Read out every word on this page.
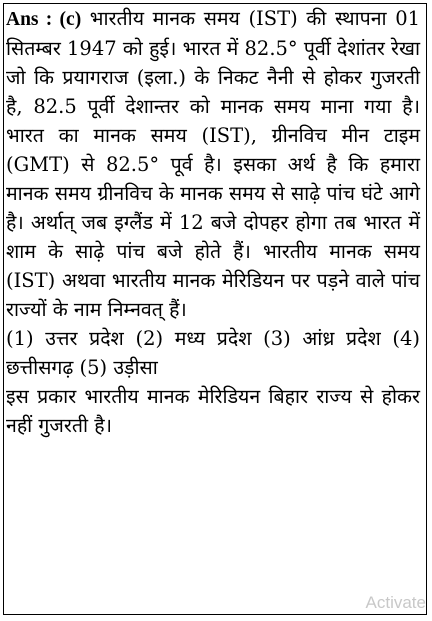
Ans : (c) भारतीय मानक समय (IST) की स्थापना 01 सितम्बर 1947 को हुई। भारत में 82.5° पूर्वी देशांतर रेखा जो कि प्रयागराज (इला.) के निकट नैनी से होकर गुजरती है, 82.5 पूर्वी देशान्तर को मानक समय माना गया है। भारत का मानक समय (IST), ग्रीनविच मीन टाइम (GMT) से 82.5° पूर्व है। इसका अर्थ है कि हमारा मानक समय ग्रीनविच के मानक समय से साढ़े पांच घंटे आगे है। अर्थात् जब इग्लैंड में 12 बजे दोपहर होगा तब भारत में शाम के साढ़े पांच बजे होते हैं। भारतीय मानक समय (IST) अथवा भारतीय मानक मेरिडियन पर पड़ने वाले पांच राज्यों के नाम निम्नवत् हैं।

(1) उत्तर प्रदेश (2) मध्य प्रदेश (3) आंध्र प्रदेश (4) छत्तीसगढ़ (5) उड़ीसा

इस प्रकार भारतीय मानक मेरिडियन बिहार राज्य से होकर नहीं गुजरती है।

Activate
